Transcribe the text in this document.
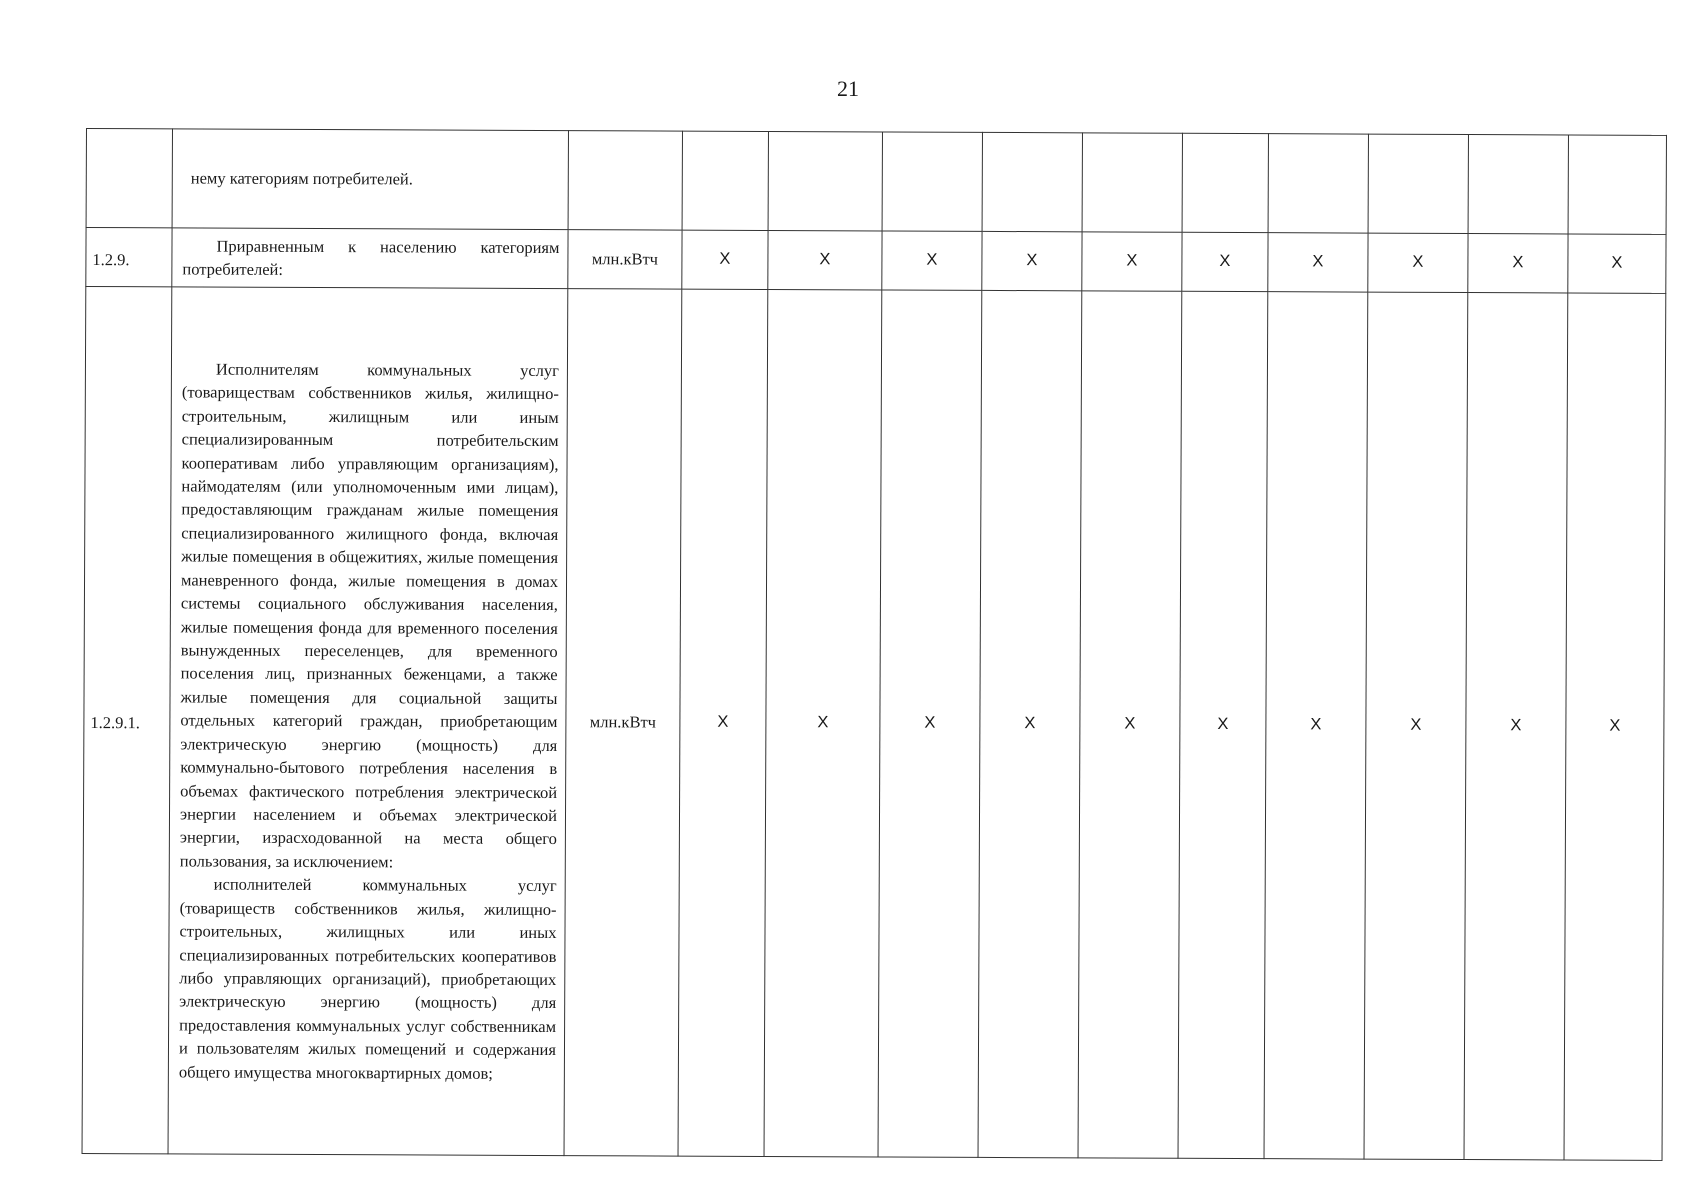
21

	нему категориям потребителей.											

1.2.9.	Приравненным к населению категориям потребителей:	млн.кВтч	Х	Х	Х	Х	Х	Х	Х	Х	Х	Х
1.2.9.1.	Исполнителям коммунальных услуг (товариществам собственников жилья, жилищно-строительным, жилищным или иным специализированным потребительским кооперативам либо управляющим организациям), наймодателям (или уполномоченным ими лицам), предоставляющим гражданам жилые помещения специализированного жилищного фонда, включая жилые помещения в общежитиях, жилые помещения маневренного фонда, жилые помещения в домах системы социального обслуживания населения, жилые помещения фонда для временного поселения вынужденных переселенцев, для временного поселения лиц, признанных беженцами, а также жилые помещения для социальной защиты отдельных категорий граждан, приобретающим электрическую энергию (мощность) для коммунально-бытового потребления населения в объемах фактического потребления электрической энергии населением и объемах электрической энергии, израсходованной на места общего пользования, за исключением:

исполнителей коммунальных услуг (товариществ собственников жилья, жилищно-строительных, жилищных или иных специализированных потребительских кооперативов либо управляющих организаций), приобретающих электрическую энергию (мощность) для предоставления коммунальных услуг собственникам и пользователям жилых помещений и содержания общего имущества многоквартирных домов;	млн.кВтч	Х	Х	Х	Х	Х	Х	Х	Х	Х	Х
